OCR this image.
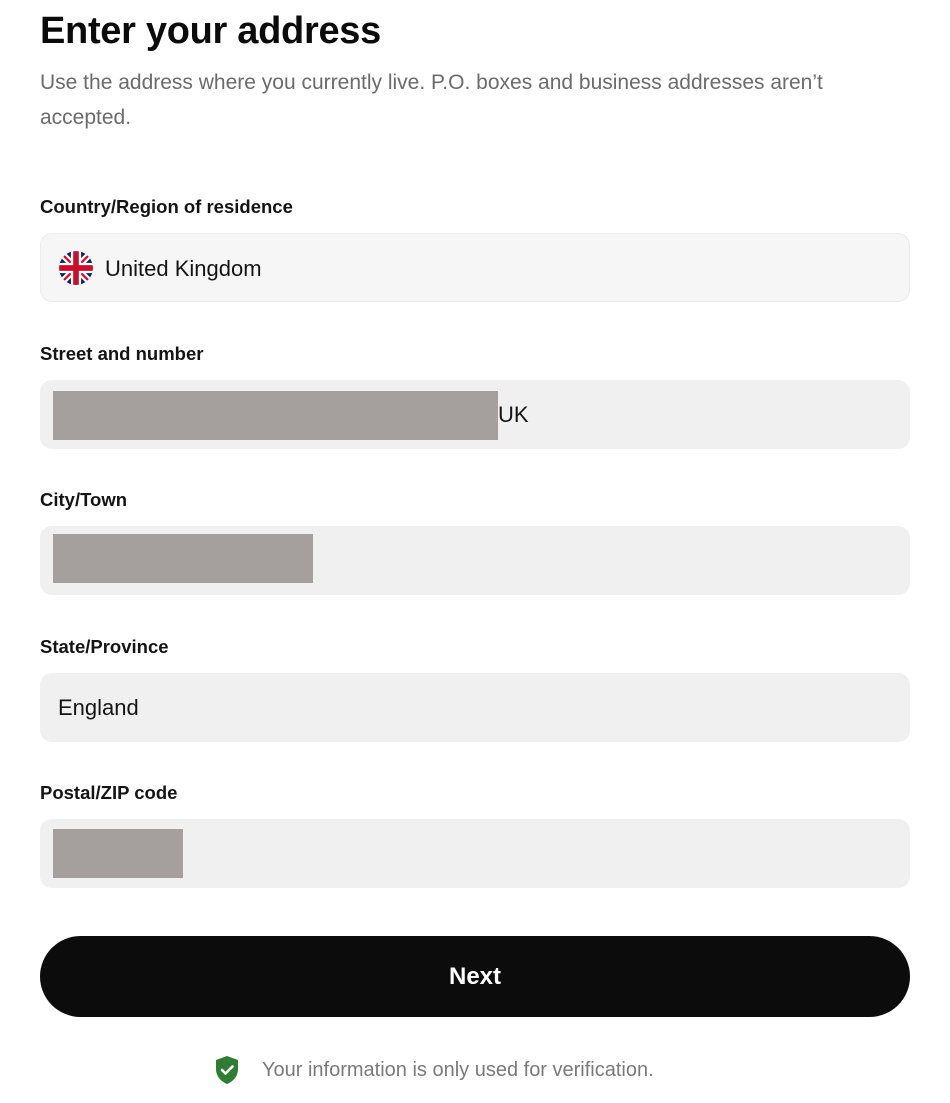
Enter your address

Use the address where you currently live. P.O. boxes and business addresses aren’t accepted.

Country/Region of residence
United Kingdom
Street and number
UK
City/Town
State/Province
England
Postal/ZIP code
Next
Your information is only used for verification.
